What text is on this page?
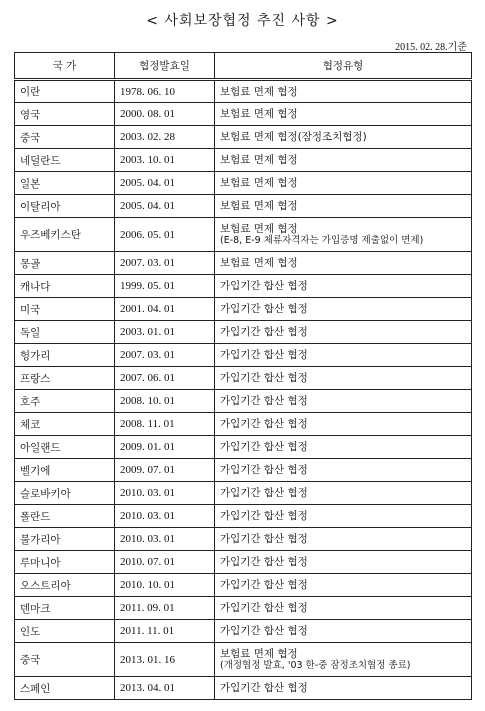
< 사회보장협정 추진 사항 >
2015. 02. 28.기준
국 가	협정발효일	협정유형
이란	1978. 06. 10	보험료 면제 협정

영국	2000. 08. 01	보험료 면제 협정

중국	2003. 02. 28	보험료 면제 협정(잠정조치협정)

네덜란드	2003. 10. 01	보험료 면제 협정

일본	2005. 04. 01	보험료 면제 협정

이탈리아	2005. 04. 01	보험료 면제 협정

우즈베키스탄	2006. 05. 01	보험료 면제 협정
(E-8, E-9 체류자격자는 가입증명 제출없이 면제)

몽골	2007. 03. 01	보험료 면제 협정

캐나다	1999. 05. 01	가입기간 합산 협정

미국	2001. 04. 01	가입기간 합산 협정

독일	2003. 01. 01	가입기간 합산 협정

헝가리	2007. 03. 01	가입기간 합산 협정

프랑스	2007. 06. 01	가입기간 합산 협정

호주	2008. 10. 01	가입기간 합산 협정

체코	2008. 11. 01	가입기간 합산 협정

아일랜드	2009. 01. 01	가입기간 합산 협정

벨기에	2009. 07. 01	가입기간 합산 협정

슬로바키아	2010. 03. 01	가입기간 합산 협정

폴란드	2010. 03. 01	가입기간 합산 협정

불가리아	2010. 03. 01	가입기간 합산 협정

루마니아	2010. 07. 01	가입기간 합산 협정

오스트리아	2010. 10. 01	가입기간 합산 협정

덴마크	2011. 09. 01	가입기간 합산 협정

인도	2011. 11. 01	가입기간 합산 협정

중국	2013. 01. 16	보험료 면제 협정
(개정협정 발효, '03 한-중 잠정조치협정 종료)

스페인	2013. 04. 01	가입기간 합산 협정
